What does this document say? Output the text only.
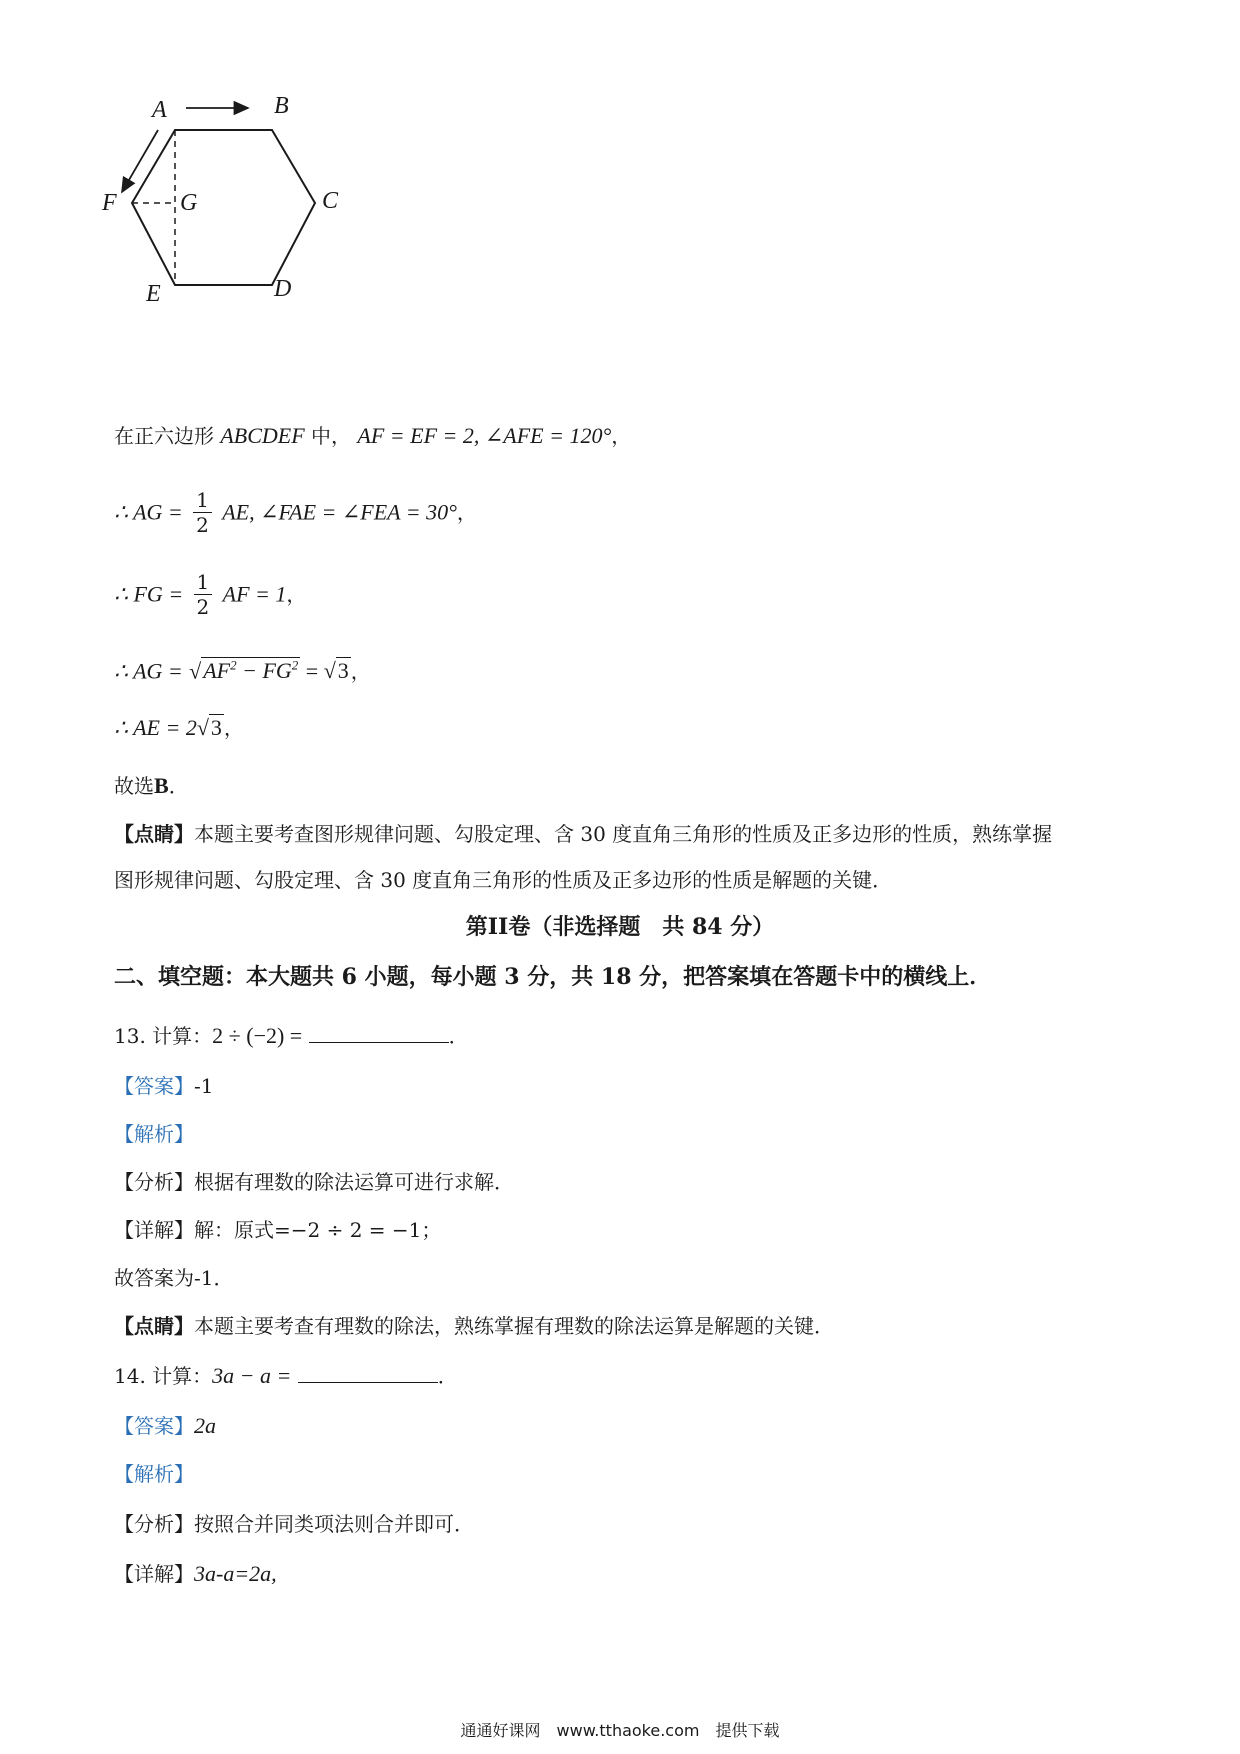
A	B
C
D
E
F	G
在正六边形 ABCDEF 中， AF = EF = 2, ∠AFE = 120°，
∴ AG = $\frac{1}{2}$ AE, ∠FAE = ∠FEA = 30°，
∴ FG = $\frac{1}{2}$ AF = 1，
∴ AG = $√AF^2 - FG^2 = √3$ ，
∴ AE = 2√3 ，
故选B．
【点睛】本题主要考查图形规律问题、勾股定理、含 30 度直角三角形的性质及正多边形的性质，熟练掌握
图形规律问题、勾股定理、含 30 度直角三角形的性质及正多边形的性质是解题的关键．
第II卷（非选择题　共 84 分）
二、填空题：本大题共 6 小题，每小题 3 分，共 18 分，把答案填在答题卡中的横线上．
13. 计算：2 ÷ (−2) =	．
【答案】-1
【解析】
【分析】根据有理数的除法运算可进行求解．
【详解】解：原式=−2 ÷ 2 = −1；
故答案为-1．
【点睛】本题主要考查有理数的除法，熟练掌握有理数的除法运算是解题的关键．
14. 计算：3a − a =	．
【答案】2a
【解析】
【分析】按照合并同类项法则合并即可．
【详解】3a-a=2a,
通通好课网　www.tthaoke.com　提供下载
